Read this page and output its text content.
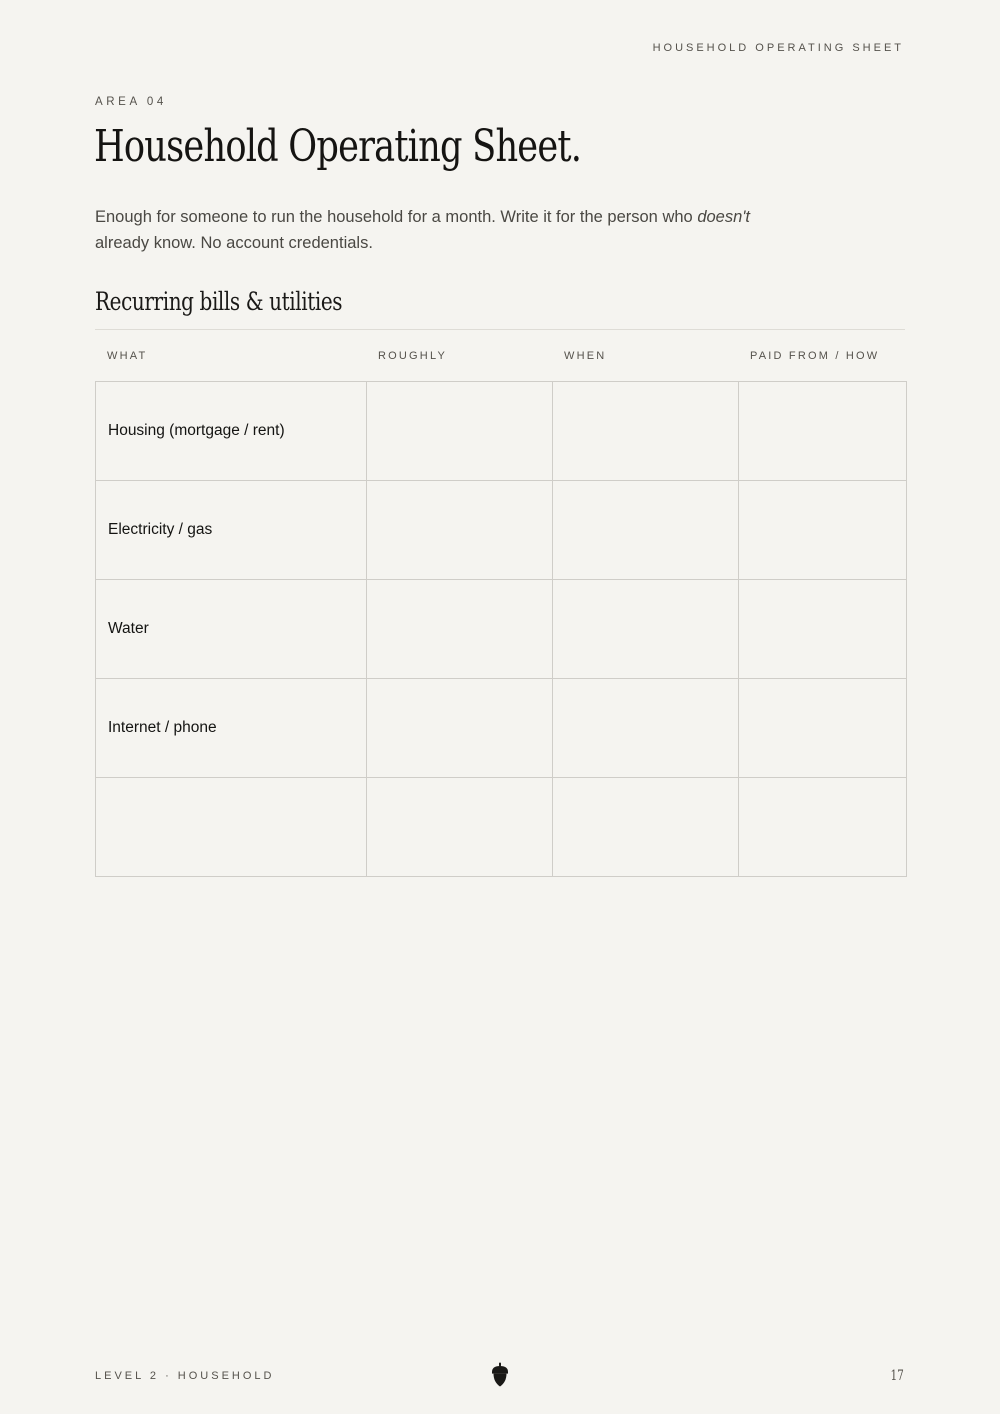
HOUSEHOLD OPERATING SHEET
AREA 04
Household Operating Sheet.

Enough for someone to run the household for a month. Write it for the person who doesn't already know. No account credentials.

Recurring bills & utilities
WHAT	ROUGHLY	WHEN	PAID FROM / HOW
Housing (mortgage / rent)			
Electricity / gas			
Water			
Internet / phone			

LEVEL 2 · HOUSEHOLD	17
